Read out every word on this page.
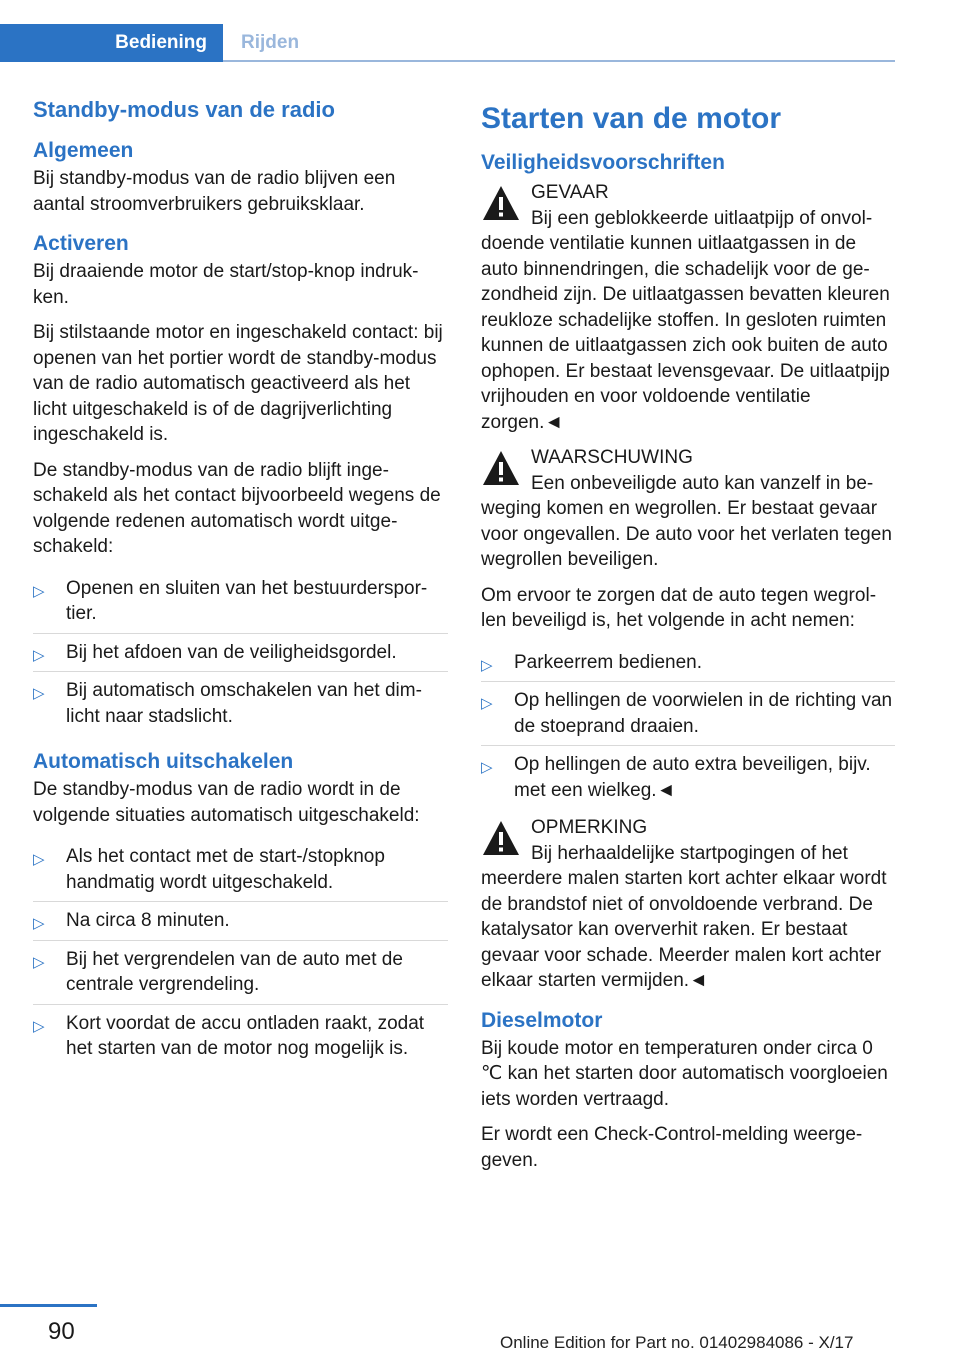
Bediening	Rijden
Standby-modus van de radio
Algemeen

Bij standby-modus van de radio blijven een aantal stroomverbruikers gebruiksklaar.

Activeren

Bij draaiende motor de start/stop-knop indrukken.

Bij stilstaande motor en ingeschakeld contact: bij openen van het portier wordt de standby-modus van de radio automatisch geactiveerd als het licht uitgeschakeld is of de dagrijverlichting ingeschakeld is.

De standby-modus van de radio blijft ingeschakeld als het contact bijvoorbeeld wegens de volgende redenen automatisch wordt uitgeschakeld:

▷ Openen en sluiten van het bestuurdersportier.
▷ Bij het afdoen van de veiligheidsgordel.
▷ Bij automatisch omschakelen van het dimlicht naar stadslicht.
Automatisch uitschakelen

De standby-modus van de radio wordt in de volgende situaties automatisch uitgeschakeld:

▷ Als het contact met de start-/stopknop handmatig wordt uitgeschakeld.
▷ Na circa 8 minuten.
▷ Bij het vergrendelen van de auto met de centrale vergrendeling.
▷ Kort voordat de accu ontladen raakt, zodat het starten van de motor nog mogelijk is.
Starten van de motor
Veiligheidsvoorschriften
GEVAAR
Bij een geblokkeerde uitlaatpijp of onvoldoende ventilatie kunnen uitlaatgassen in de auto binnendringen, die schadelijk voor de gezondheid zijn. De uitlaatgassen bevatten kleuren reukloze schadelijke stoffen. In gesloten ruimten kunnen de uitlaatgassen zich ook buiten de auto ophopen. Er bestaat levensgevaar. De uitlaatpijp vrijhouden en voor voldoende ventilatie zorgen.◄
WAARSCHUWING
Een onbeveiligde auto kan vanzelf in beweging komen en wegrollen. Er bestaat gevaar voor ongevallen. De auto voor het verlaten tegen wegrollen beveiligen.

Om ervoor te zorgen dat de auto tegen wegrollen beveiligd is, het volgende in acht nemen:

▷ Parkeerrem bedienen.
▷ Op hellingen de voorwielen in de richting van de stoeprand draaien.
▷ Op hellingen de auto extra beveiligen, bijv. met een wielkeg.◄
OPMERKING
Bij herhaaldelijke startpogingen of het meerdere malen starten kort achter elkaar wordt de brandstof niet of onvoldoende verbrand. De katalysator kan oververhit raken. Er bestaat gevaar voor schade. Meerder malen kort achter elkaar starten vermijden.◄
Dieselmotor

Bij koude motor en temperaturen onder circa 0 ℃ kan het starten door automatisch voorgloeien iets worden vertraagd.

Er wordt een Check-Control-melding weergegeven.

90	Online Edition for Part no. 01402984086 - X/17
